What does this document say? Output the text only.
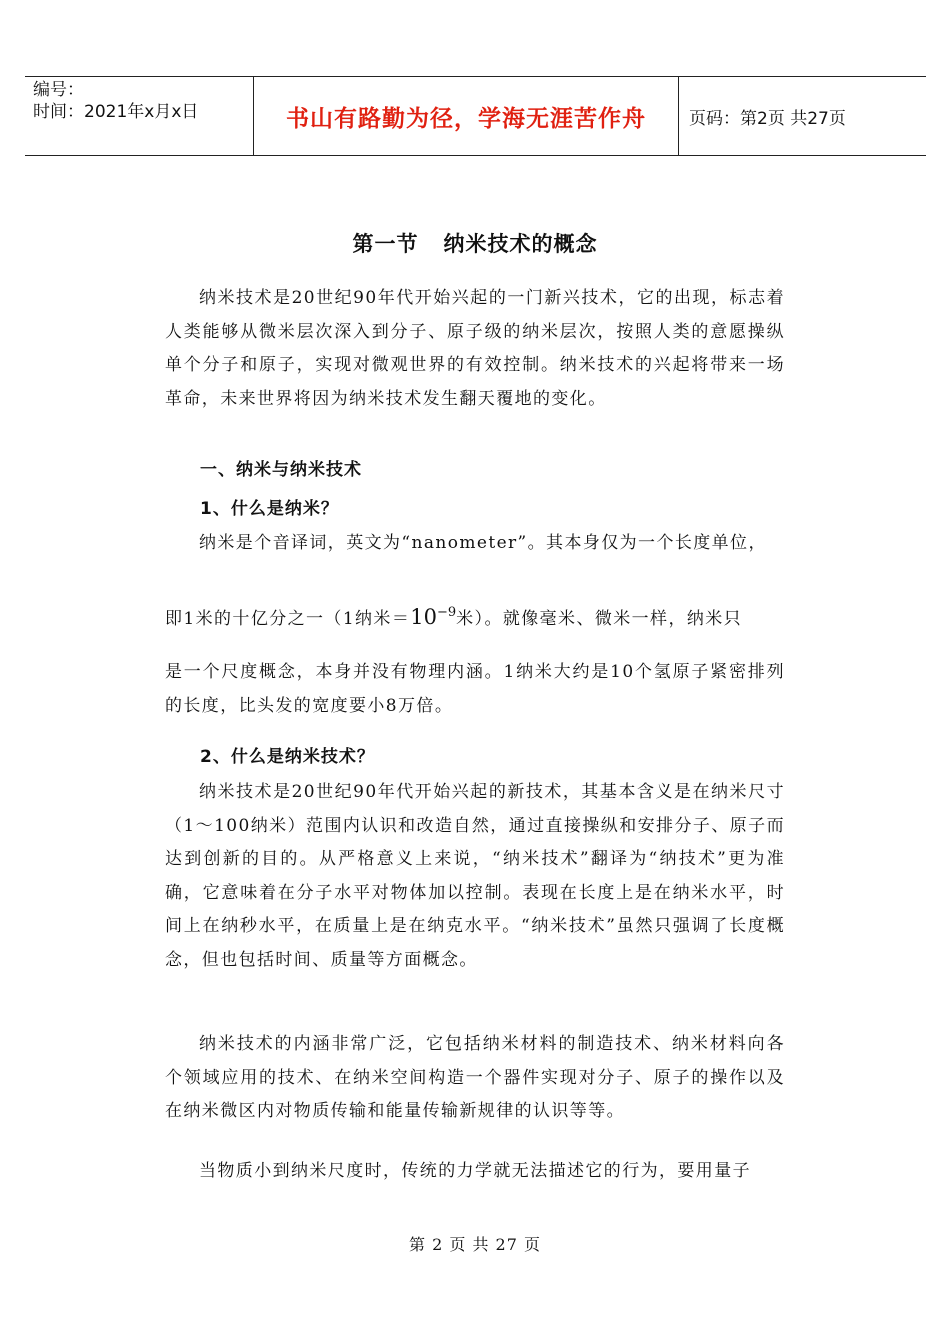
编号：
时间：2021年x月x日	书山有路勤为径，学海无涯苦作舟	页码：第2页 共27页
第一节   纳米技术的概念

纳米技术是20世纪90年代开始兴起的一门新兴技术，它的出现，标志着人类能够从微米层次深入到分子、原子级的纳米层次，按照人类的意愿操纵单个分子和原子，实现对微观世界的有效控制。纳米技术的兴起将带来一场革命，未来世界将因为纳米技术发生翻天覆地的变化。

一、纳米与纳米技术
1、什么是纳米？

纳米是个音译词，英文为“nanometer”。其本身仅为一个长度单位，

即1米的十亿分之一（1纳米$=10^{-9}$米）。就像毫米、微米一样，纳米只

是一个尺度概念，本身并没有物理内涵。1纳米大约是10个氢原子紧密排列的长度，比头发的宽度要小8万倍。

2、什么是纳米技术？

纳米技术是20世纪90年代开始兴起的新技术，其基本含义是在纳米尺寸（1～100纳米）范围内认识和改造自然，通过直接操纵和安排分子、原子而达到创新的目的。从严格意义上来说，“纳米技术”翻译为“纳技术”更为准确，它意味着在分子水平对物体加以控制。表现在长度上是在纳米水平，时间上在纳秒水平，在质量上是在纳克水平。“纳米技术”虽然只强调了长度概念，但也包括时间、质量等方面概念。

纳米技术的内涵非常广泛，它包括纳米材料的制造技术、纳米材料向各个领域应用的技术、在纳米空间构造一个器件实现对分子、原子的操作以及在纳米微区内对物质传输和能量传输新规律的认识等等。

当物质小到纳米尺度时，传统的力学就无法描述它的行为，要用量子

第 2 页 共 27 页
